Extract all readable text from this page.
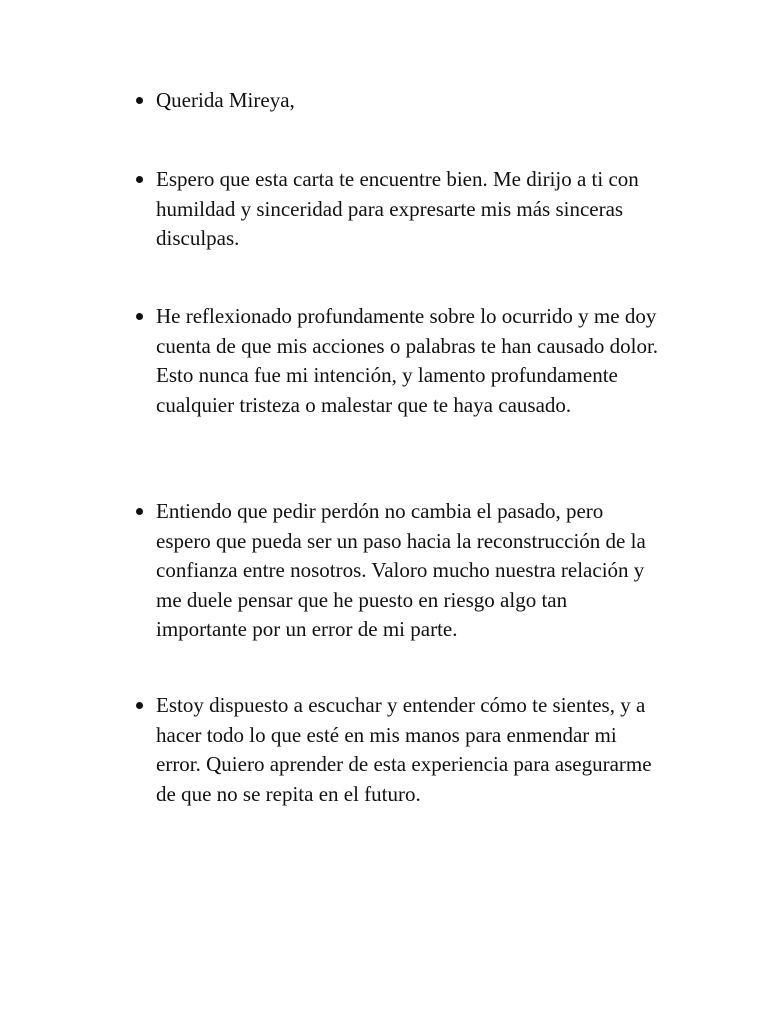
Querida Mireya,
Espero que esta carta te encuentre bien. Me dirijo a ti con humildad y sinceridad para expresarte mis más sinceras disculpas.
He reflexionado profundamente sobre lo ocurrido y me doy cuenta de que mis acciones o palabras te han causado dolor. Esto nunca fue mi intención, y lamento profundamente cualquier tristeza o malestar que te haya causado.
Entiendo que pedir perdón no cambia el pasado, pero espero que pueda ser un paso hacia la reconstrucción de la confianza entre nosotros. Valoro mucho nuestra relación y me duele pensar que he puesto en riesgo algo tan importante por un error de mi parte.
Estoy dispuesto a escuchar y entender cómo te sientes, y a hacer todo lo que esté en mis manos para enmendar mi error. Quiero aprender de esta experiencia para asegurarme de que no se repita en el futuro.
